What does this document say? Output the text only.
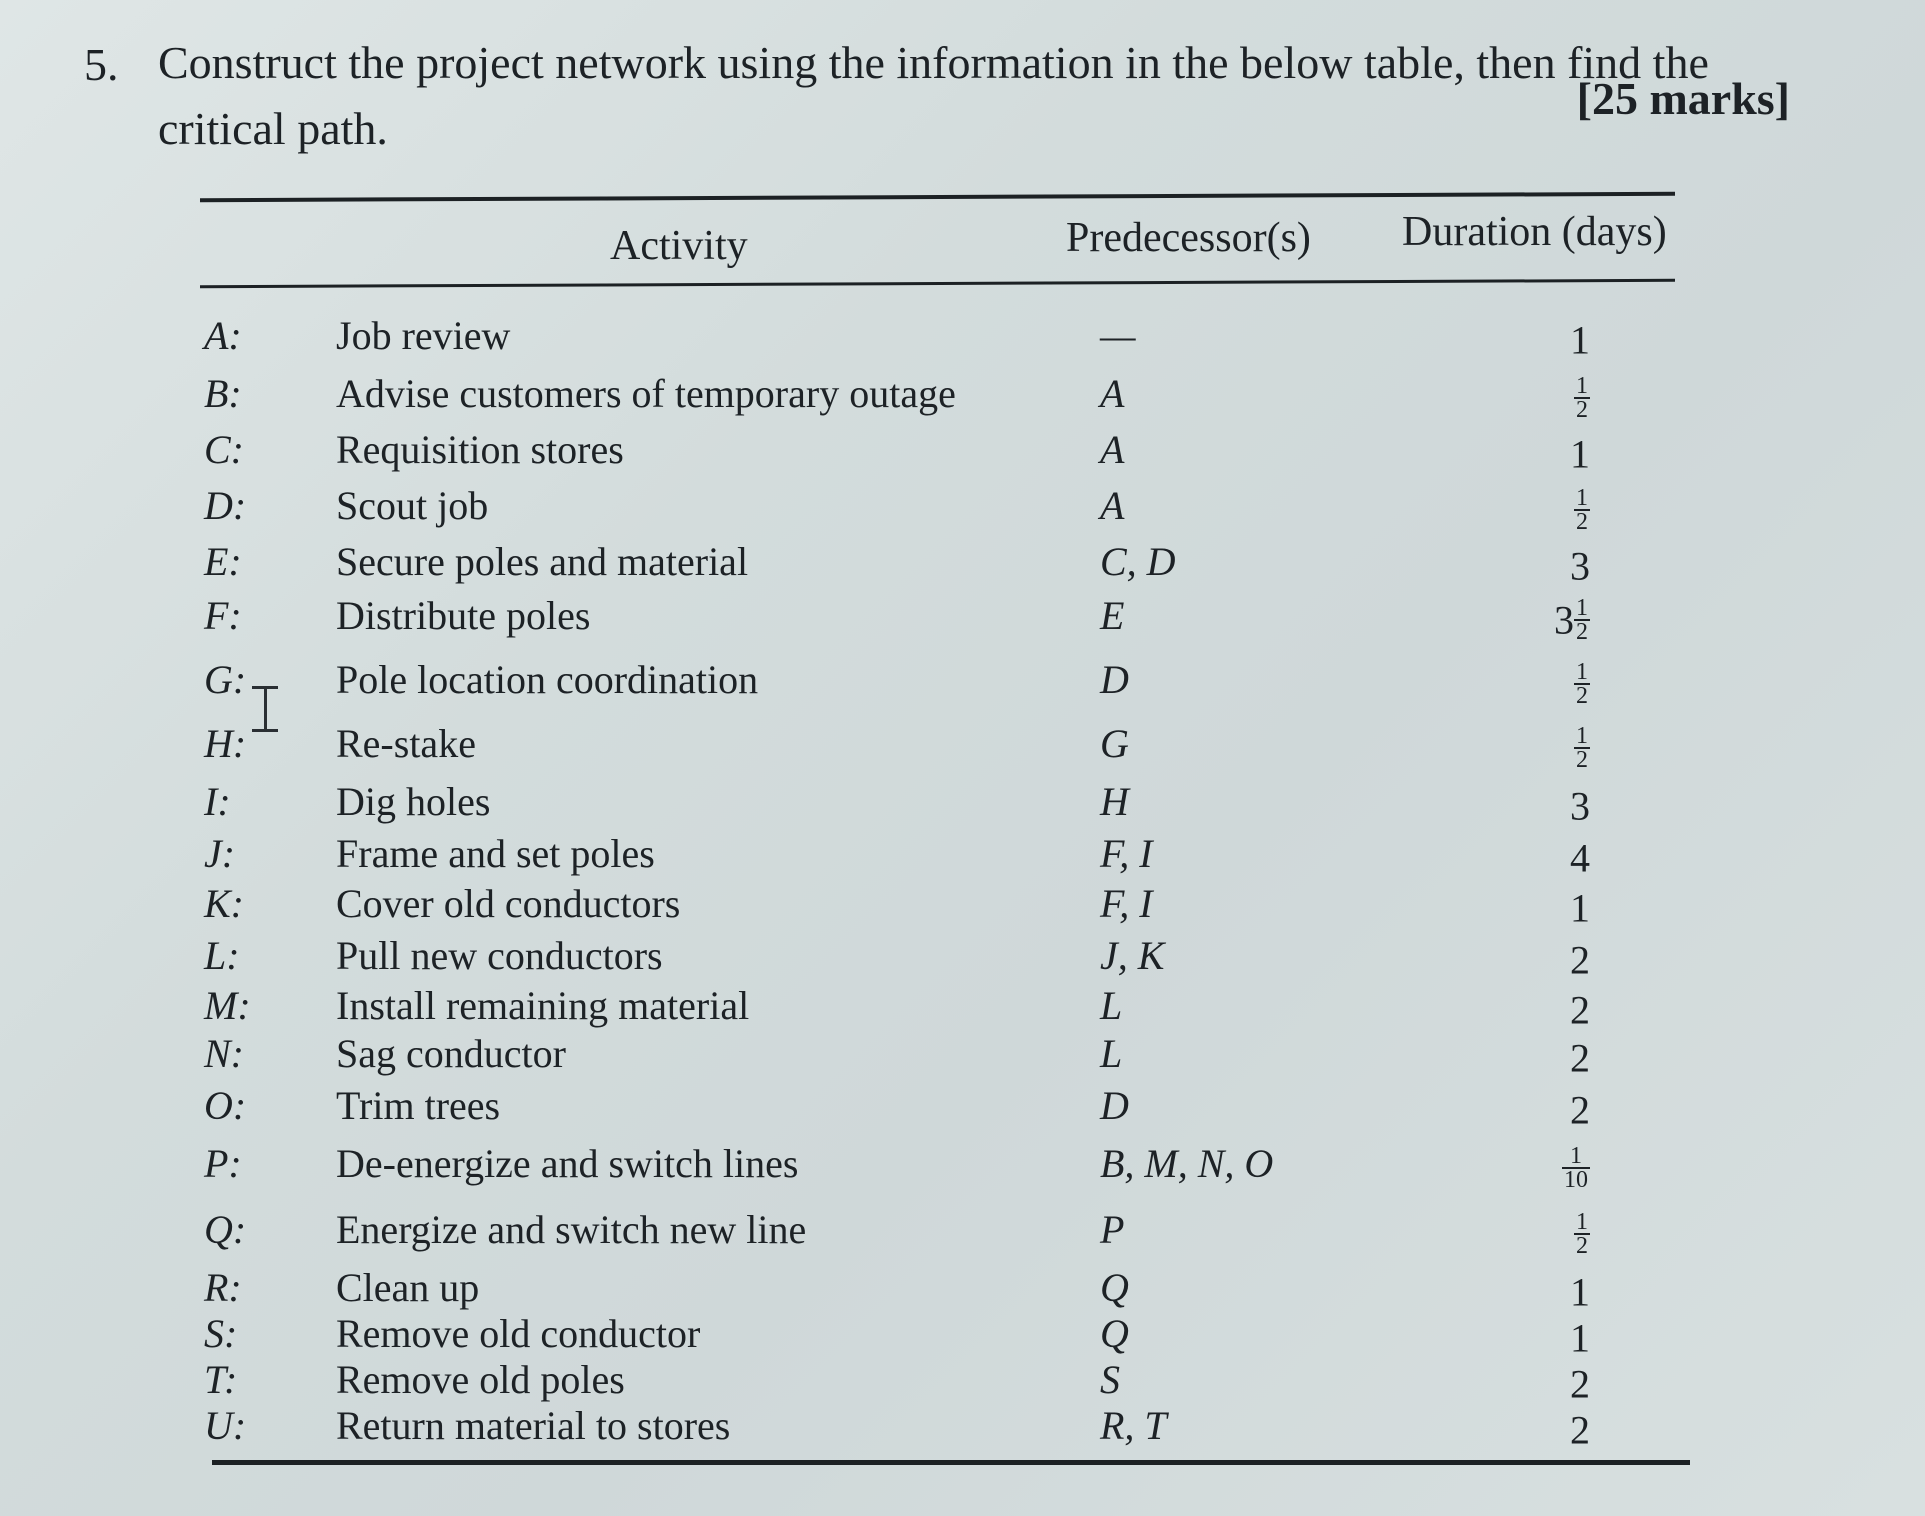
5. Construct the project network using the information in the below table, then find the
critical path.
[25 marks]
Activity	Predecessor(s) Duration (days)
A: Job review	—	1
B: Advise customers of temporary outage	A	$\frac{1}{2}$
C: Requisition stores	A	1
D: Scout job	A	$\frac{1}{2}$
E: Secure poles and material	C, D	3
F: Distribute poles	E	$3 \frac{1}{2}$
G: Pole location coordination	D	$\frac{1}{2}$
H: Re-stake	G	$\frac{1}{2}$
I:	Dig holes	H	3
J:	Frame and set poles	F, I	4
K: Cover old conductors	F, I	1
L: Pull new conductors	J, K	2
M: Install remaining material	L	2
N: Sag conductor	L	2
O: Trim trees	D	2
P: De-energize and switch lines	B, M, N, O	$\frac{1}{10}$
Q: Energize and switch new line	P	$\frac{1}{2}$
R: Clean up	Q	1
S: Remove old conductor	Q	1
T: Remove old poles	S	2
U: Return material to stores	R, T	2
